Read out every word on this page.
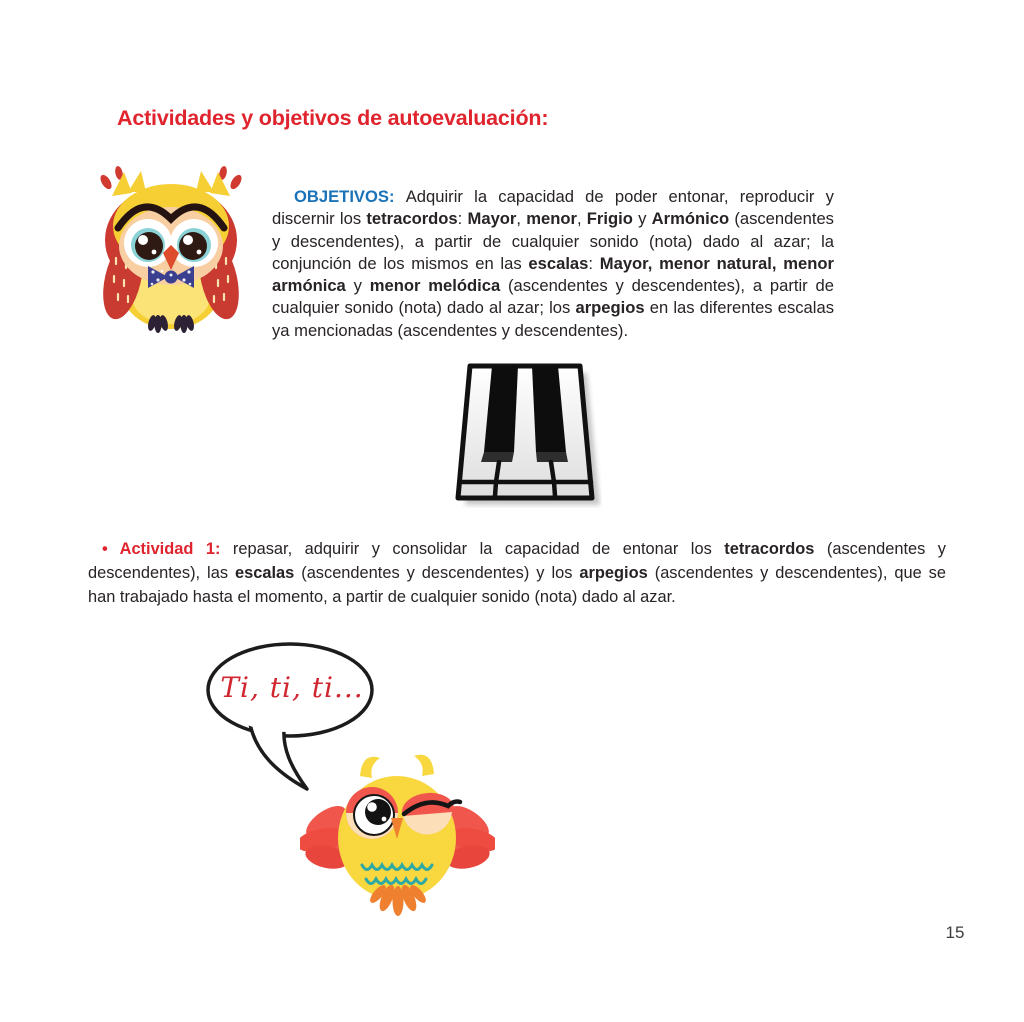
Actividades y objetivos de autoevaluación:

OBJETIVOS: Adquirir la capacidad de poder entonar, reproducir y discernir los tetracordos: Mayor, menor, Frigio y Armónico (ascendentes y descendentes), a partir de cualquier sonido (nota) dado al azar; la conjunción de los mismos en las escalas: Mayor, menor natural, menor armónica y menor melódica (ascendentes y descendentes), a partir de cualquier sonido (nota) dado al azar; los arpegios en las diferentes escalas ya mencionadas (ascendentes y descendentes).

• Actividad 1: repasar, adquirir y consolidar la capacidad de entonar los tetracordos (ascendentes y descendentes), las escalas (ascendentes y descendentes) y los arpegios (ascendentes y descendentes), que se han trabajado hasta el momento, a partir de cualquier sonido (nota) dado al azar.

Ti, ti, ti...
15
